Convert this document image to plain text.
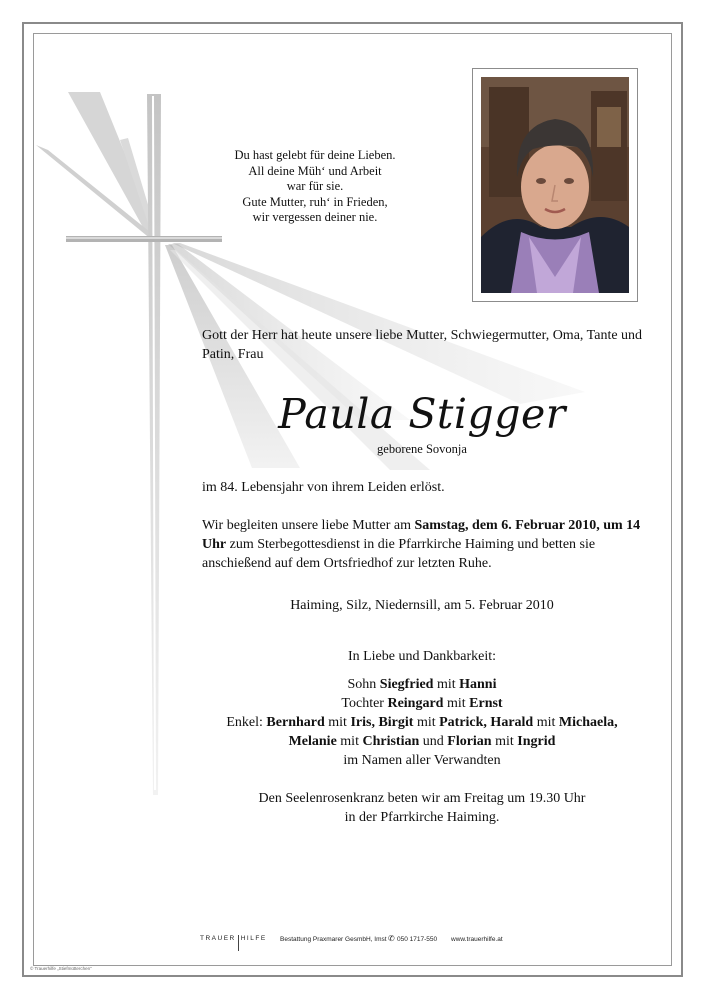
Du hast gelebt für deine Lieben.
All deine Müh‘ und Arbeit
war für sie.
Gute Mutter, ruh‘ in Frieden,
wir vergessen deiner nie.
Gott der Herr hat heute unsere liebe Mutter, Schwiegermutter, Oma, Tante und Patin, Frau
Paula Stigger
geborene Sovonja
im 84. Lebensjahr von ihrem Leiden erlöst.
Wir begleiten unsere liebe Mutter am Samstag, dem 6. Februar 2010, um 14 Uhr zum Sterbegottesdienst in die Pfarrkirche Haiming und betten sie anschießend auf dem Ortsfriedhof zur letzten Ruhe.
Haiming, Silz, Niedernsill, am 5. Februar 2010
In Liebe und Dankbarkeit:
Sohn Siegfried mit Hanni
Tochter Reingard mit Ernst
Enkel: Bernhard mit Iris, Birgit mit Patrick, Harald mit Michaela,
Melanie mit Christian und Florian mit Ingrid
im Namen aller Verwandten
Den Seelenrosenkranz beten wir am Freitag um 19.30 Uhr
in der Pfarrkirche Haiming.
TRAUER HILFE Bestattung Praxmarer GesmbH, Imst ✆ 050 1717-550 www.trauerhilfe.at
© Trauerhilfe „Stiefmütterchen“
